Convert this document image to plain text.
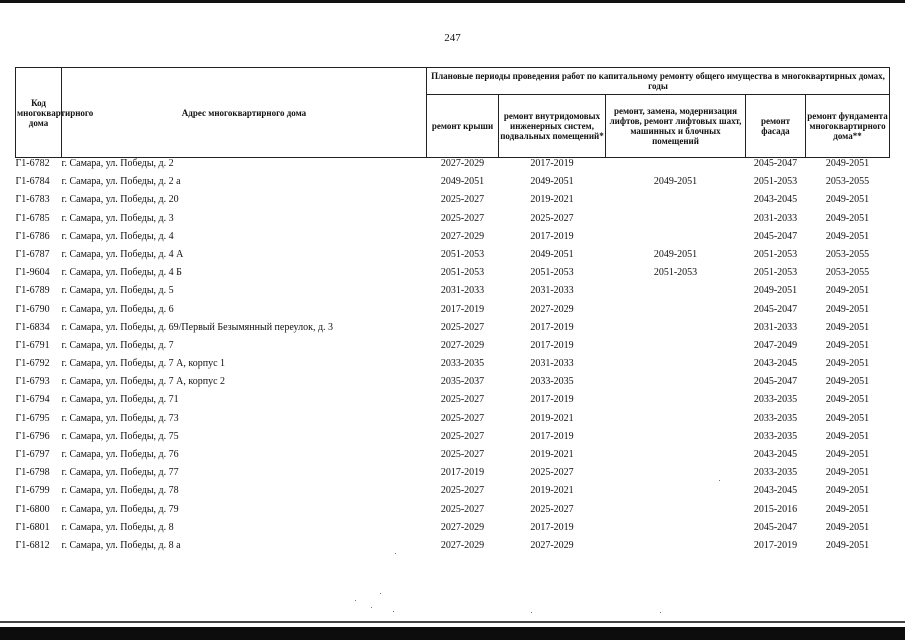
247
Код многоквартирного дома	Адрес многоквартирного дома	Плановые периоды проведения работ по капитальному ремонту общего имущества в многоквартирных домах, годы				
		ремонт крыши	ремонт внутридомовых инженерных систем, подвальных помещений*	ремонт, замена, модернизация лифтов, ремонт лифтовых шахт, машинных и блочных помещений	ремонт фасада	ремонт фундамента многоквартирного дома**
Г1-6782	г. Самара, ул. Победы, д. 2	2027-2029	2017-2019		2045-2047	2049-2051
Г1-6784	г. Самара, ул. Победы, д. 2 а	2049-2051	2049-2051	2049-2051	2051-2053	2053-2055
Г1-6783	г. Самара, ул. Победы, д. 20	2025-2027	2019-2021		2043-2045	2049-2051
Г1-6785	г. Самара, ул. Победы, д. 3	2025-2027	2025-2027		2031-2033	2049-2051
Г1-6786	г. Самара, ул. Победы, д. 4	2027-2029	2017-2019		2045-2047	2049-2051
Г1-6787	г. Самара, ул. Победы, д. 4 А	2051-2053	2049-2051	2049-2051	2051-2053	2053-2055
Г1-9604	г. Самара, ул. Победы, д. 4 Б	2051-2053	2051-2053	2051-2053	2051-2053	2053-2055
Г1-6789	г. Самара, ул. Победы, д. 5	2031-2033	2031-2033		2049-2051	2049-2051
Г1-6790	г. Самара, ул. Победы, д. 6	2017-2019	2027-2029		2045-2047	2049-2051
Г1-6834	г. Самара, ул. Победы, д. 69/Первый Безымянный переулок, д. 3	2025-2027	2017-2019		2031-2033	2049-2051
Г1-6791	г. Самара, ул. Победы, д. 7	2027-2029	2017-2019		2047-2049	2049-2051
Г1-6792	г. Самара, ул. Победы, д. 7 А, корпус 1	2033-2035	2031-2033		2043-2045	2049-2051
Г1-6793	г. Самара, ул. Победы, д. 7 А, корпус 2	2035-2037	2033-2035		2045-2047	2049-2051
Г1-6794	г. Самара, ул. Победы, д. 71	2025-2027	2017-2019		2033-2035	2049-2051
Г1-6795	г. Самара, ул. Победы, д. 73	2025-2027	2019-2021		2033-2035	2049-2051
Г1-6796	г. Самара, ул. Победы, д. 75	2025-2027	2017-2019		2033-2035	2049-2051
Г1-6797	г. Самара, ул. Победы, д. 76	2025-2027	2019-2021		2043-2045	2049-2051
Г1-6798	г. Самара, ул. Победы, д. 77	2017-2019	2025-2027		2033-2035	2049-2051
Г1-6799	г. Самара, ул. Победы, д. 78	2025-2027	2019-2021		2043-2045	2049-2051
Г1-6800	г. Самара, ул. Победы, д. 79	2025-2027	2025-2027		2015-2016	2049-2051
Г1-6801	г. Самара, ул. Победы, д. 8	2027-2029	2017-2019		2045-2047	2049-2051
Г1-6812	г. Самара, ул. Победы, д. 8 а	2027-2029	2027-2029		2017-2019	2049-2051
